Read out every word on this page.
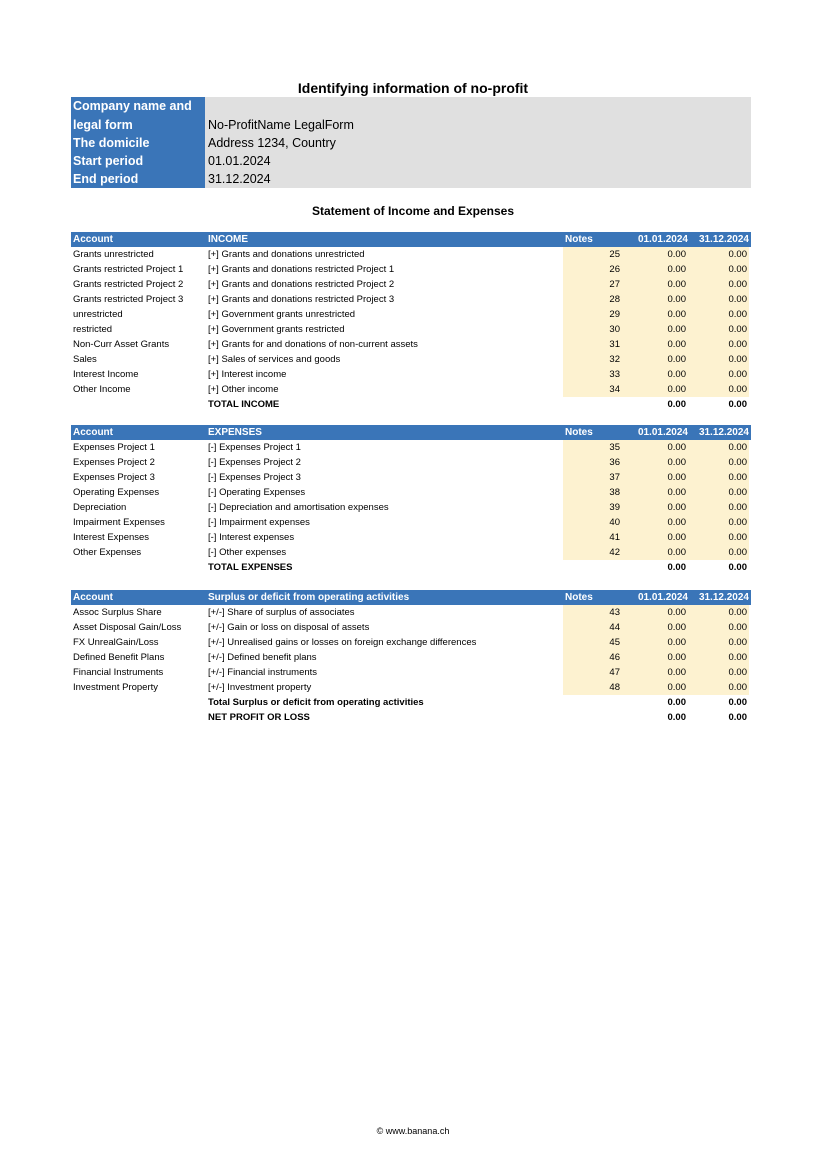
Identifying information of no-profit
Company name and
legal form	No-ProfitName LegalForm
The domicile	Address 1234, Country
Start period	01.01.2024
End period	31.12.2024
Statement of Income and Expenses
Account	INCOME	Notes	01.01.2024	31.12.2024
Grants unrestricted	[+] Grants and donations unrestricted	25	0.00	0.00
Grants restricted Project 1	[+] Grants and donations restricted Project 1	26	0.00	0.00
Grants restricted Project 2	[+] Grants and donations restricted Project 2	27	0.00	0.00
Grants restricted Project 3	[+] Grants and donations restricted Project 3	28	0.00	0.00
unrestricted	[+] Government grants unrestricted	29	0.00	0.00
restricted	[+] Government grants restricted	30	0.00	0.00
Non-Curr Asset Grants	[+] Grants for and donations of non-current assets	31	0.00	0.00
Sales	[+] Sales of services and goods	32	0.00	0.00
Interest Income	[+] Interest income	33	0.00	0.00
Other Income	[+] Other income	34	0.00	0.00
TOTAL INCOME	0.00	0.00
Account	EXPENSES	Notes	01.01.2024	31.12.2024
Expenses Project 1	[-] Expenses Project 1	35	0.00	0.00
Expenses Project 2	[-] Expenses Project 2	36	0.00	0.00
Expenses Project 3	[-] Expenses Project 3	37	0.00	0.00
Operating Expenses	[-] Operating Expenses	38	0.00	0.00
Depreciation	[-] Depreciation and amortisation expenses	39	0.00	0.00
Impairment Expenses	[-] Impairment expenses	40	0.00	0.00
Interest Expenses	[-] Interest expenses	41	0.00	0.00
Other Expenses	[-] Other expenses	42	0.00	0.00
TOTAL EXPENSES	0.00	0.00
Account	Surplus or deficit from operating activities	Notes	01.01.2024	31.12.2024
Assoc Surplus Share	[+/-] Share of surplus of associates	43	0.00	0.00
Asset Disposal Gain/Loss	[+/-] Gain or loss on disposal of assets	44	0.00	0.00
FX UnrealGain/Loss	[+/-] Unrealised gains or losses on foreign exchange differences	45	0.00	0.00
Defined Benefit Plans	[+/-] Defined benefit plans	46	0.00	0.00
Financial Instruments	[+/-] Financial instruments	47	0.00	0.00
Investment Property	[+/-] Investment property	48	0.00	0.00
Total Surplus or deficit from operating activities	0.00	0.00
NET PROFIT OR LOSS	0.00	0.00
© www.banana.ch
